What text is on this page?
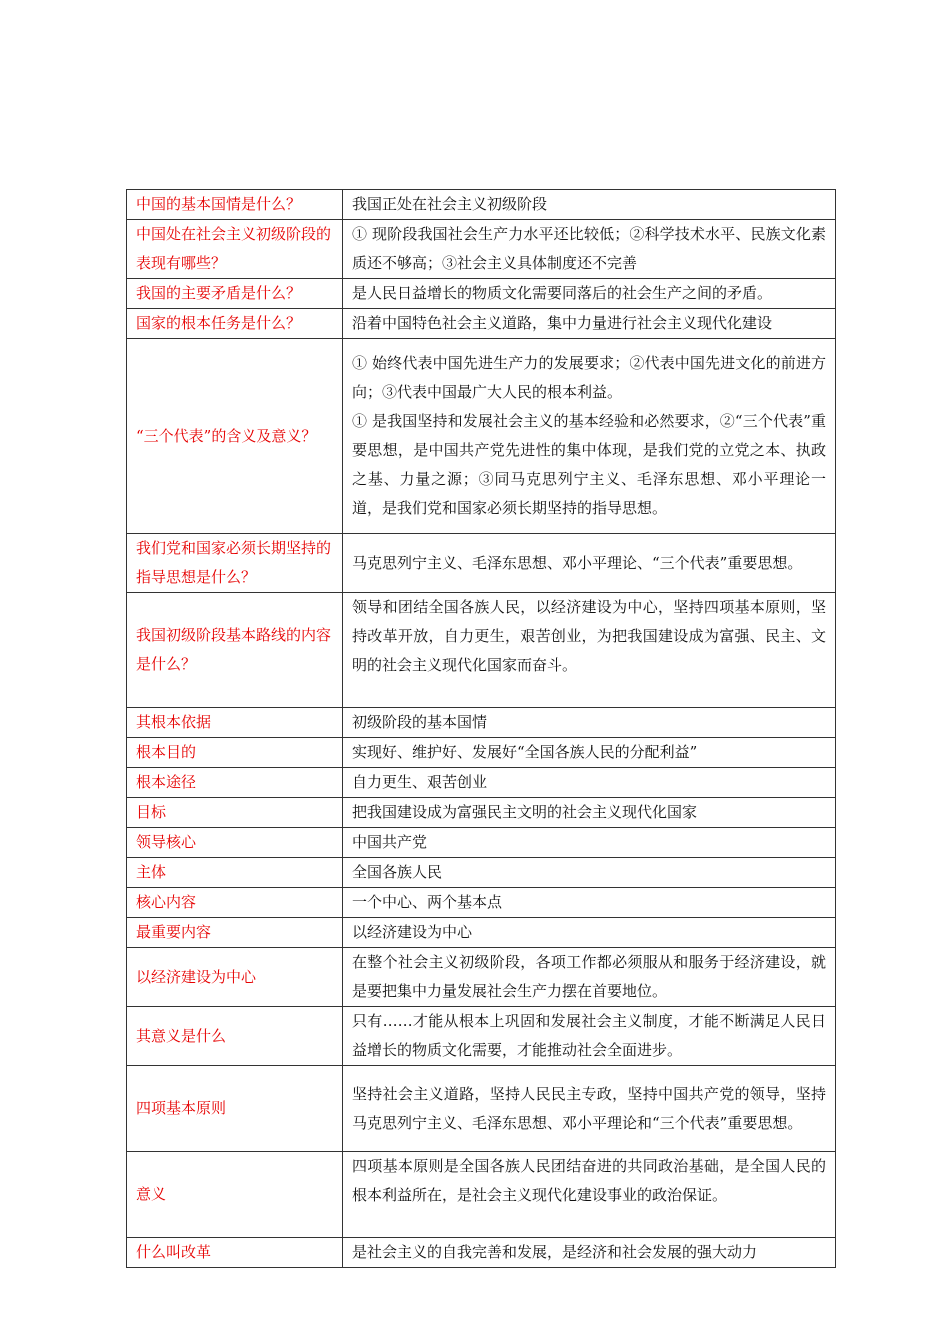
中国的基本国情是什么？	我国正处在社会主义初级阶段

中国处在社会主义初级阶段的表现有哪些？	① 现阶段我国社会生产力水平还比较低；②科学技术水平、民族文化素质还不够高；③社会主义具体制度还不完善

我国的主要矛盾是什么？	是人民日益增长的物质文化需要同落后的社会生产之间的矛盾。

国家的根本任务是什么？	沿着中国特色社会主义道路，集中力量进行社会主义现代化建设

“三个代表”的含义及意义？	① 始终代表中国先进生产力的发展要求；②代表中国先进文化的前进方向；③代表中国最广大人民的根本利益。
① 是我国坚持和发展社会主义的基本经验和必然要求，②“三个代表”重要思想，是中国共产党先进性的集中体现，是我们党的立党之本、执政之基、力量之源；③同马克思列宁主义、毛泽东思想、邓小平理论一道，是我们党和国家必须长期坚持的指导思想。

我们党和国家必须长期坚持的指导思想是什么？	马克思列宁主义、毛泽东思想、邓小平理论、“三个代表”重要思想。

我国初级阶段基本路线的内容是什么？	领导和团结全国各族人民，以经济建设为中心，坚持四项基本原则，坚持改革开放，自力更生，艰苦创业，为把我国建设成为富强、民主、文明的社会主义现代化国家而奋斗。

其根本依据	初级阶段的基本国情

根本目的	实现好、维护好、发展好“全国各族人民的分配利益”

根本途径	自力更生、艰苦创业

目标	把我国建设成为富强民主文明的社会主义现代化国家

领导核心	中国共产党

主体	全国各族人民

核心内容	一个中心、两个基本点

最重要内容	以经济建设为中心

以经济建设为中心	在整个社会主义初级阶段，各项工作都必须服从和服务于经济建设，就是要把集中力量发展社会生产力摆在首要地位。

其意义是什么	只有……才能从根本上巩固和发展社会主义制度，才能不断满足人民日益增长的物质文化需要，才能推动社会全面进步。

四项基本原则	坚持社会主义道路，坚持人民民主专政，坚持中国共产党的领导，坚持马克思列宁主义、毛泽东思想、邓小平理论和“三个代表”重要思想。

意义	四项基本原则是全国各族人民团结奋进的共同政治基础，是全国人民的根本利益所在，是社会主义现代化建设事业的政治保证。

什么叫改革	是社会主义的自我完善和发展，是经济和社会发展的强大动力
